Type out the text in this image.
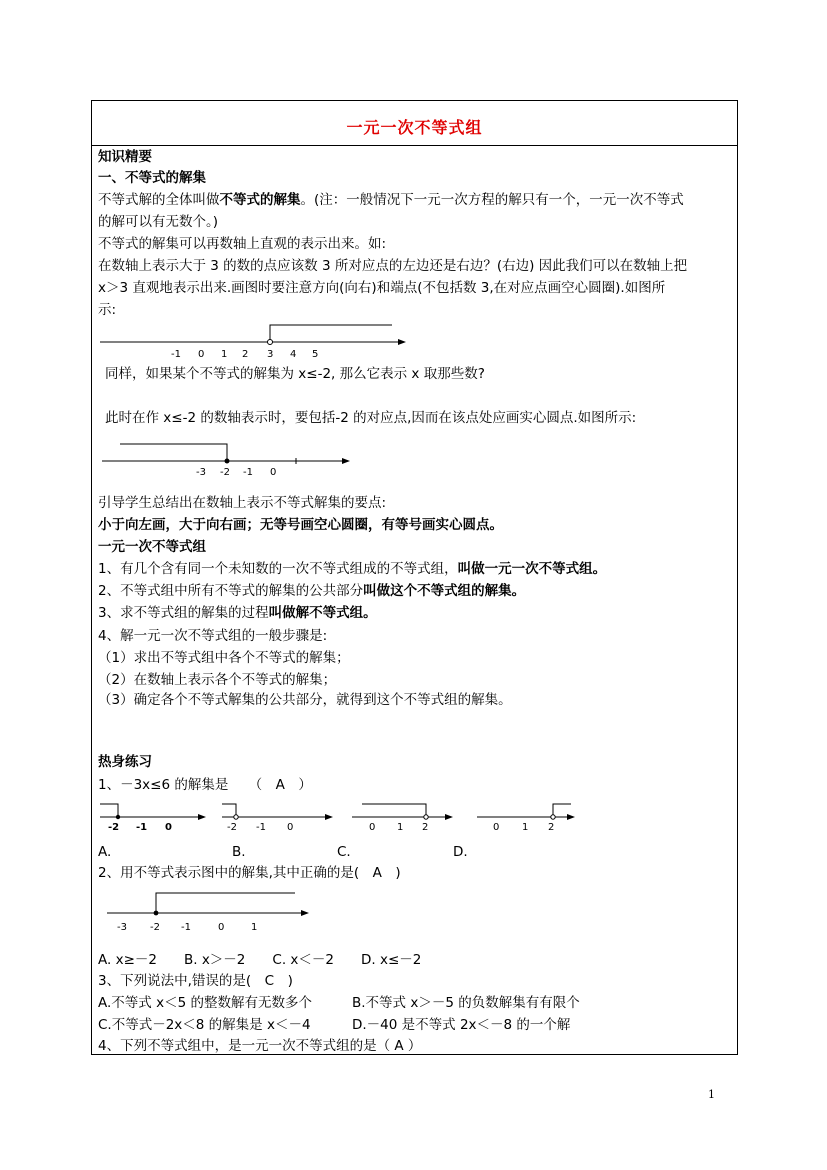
一元一次不等式组
知识精要
一、不等式的解集
不等式解的全体叫做不等式的解集。(注：一般情况下一元一次方程的解只有一个，一元一次不等式
的解可以有无数个。)
不等式的解集可以再数轴上直观的表示出来。如:
在数轴上表示大于 3 的数的点应该数 3 所对应点的左边还是右边？(右边) 因此我们可以在数轴上把
x＞3 直观地表示出来.画图时要注意方向(向右)和端点(不包括数 3,在对应点画空心圆圈).如图所
示:
-1 0 1 2 3 4 5
同样，如果某个不等式的解集为 x≤-2, 那么它表示 x 取那些数?
此时在作 x≤-2 的数轴表示时，要包括-2 的对应点,因而在该点处应画实心圆点.如图所示:
-3 -2 -1 0
引导学生总结出在数轴上表示不等式解集的要点:
小于向左画，大于向右画；无等号画空心圆圈，有等号画实心圆点。
一元一次不等式组
1、有几个含有同一个未知数的一次不等式组成的不等式组，叫做一元一次不等式组。
2、不等式组中所有不等式的解集的公共部分叫做这个不等式组的解集。
3、求不等式组的解集的过程叫做解不等式组。
4、解一元一次不等式组的一般步骤是:
（1）求出不等式组中各个不等式的解集；
（2）在数轴上表示各个不等式的解集；
（3）确定各个不等式解集的公共部分，就得到这个不等式组的解集。
热身练习
1、－3x≤6 的解集是　　（　A　）
-2 -1 0	-2 -1 0	0 1 2	0 1 2
A.	B.	C.	D.
2、用不等式表示图中的解集,其中正确的是(　A　)
-3 -2 -1	0	1
A. x≥－2　　B. x＞－2　　C. x＜－2　　D. x≤－2
3、下列说法中,错误的是(　C　)
A.不等式 x＜5 的整数解有无数多个	B.不等式 x＞－5 的负数解集有有限个
C.不等式－2x＜8 的解集是 x＜－4	D.－40 是不等式 2x＜－8 的一个解
4、下列不等式组中，是一元一次不等式组的是（ A ）
1
